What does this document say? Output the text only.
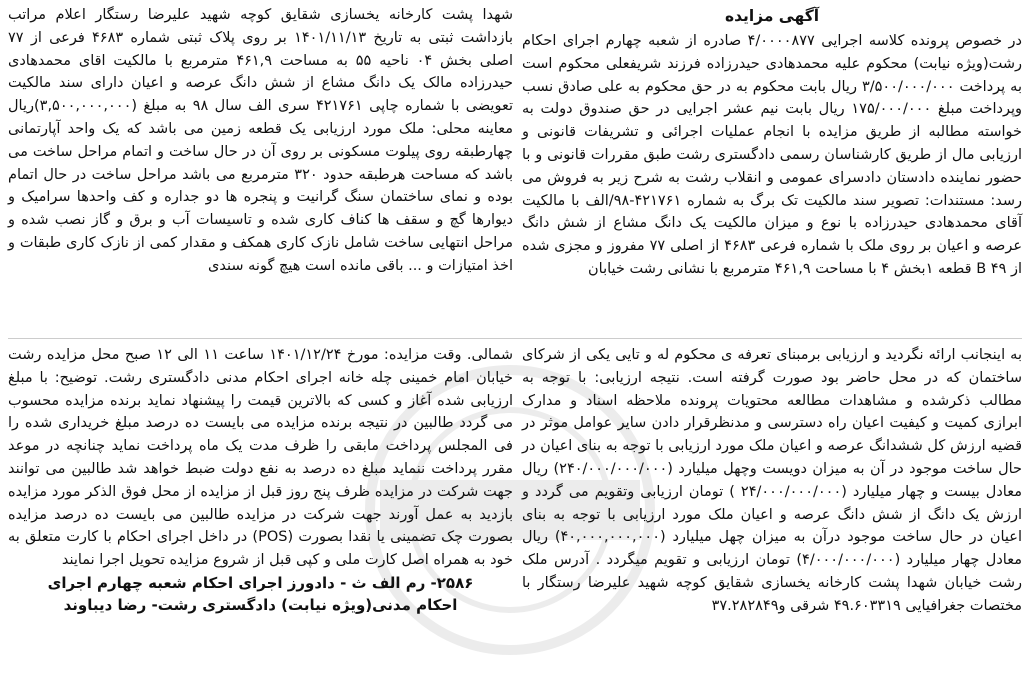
آگهی مزایده

در خصوص پرونده کلاسه اجرایی ۴/۰۰۰۰۸۷۷ صادره از شعبه چهارم اجرای احکام رشت(ویژه نیابت) محکوم علیه محمدهادی حیدرزاده فرزند شریفعلی محکوم است به پرداخت ۳/۵۰۰/۰۰۰/۰۰۰ ریال بابت محکوم به در حق محکوم به علی صادق نسب وپرداخت مبلغ ۱۷۵/۰۰۰/۰۰۰ ریال بابت نیم عشر اجرایی در حق صندوق دولت به خواسته مطالبه از طریق مزایده با انجام عملیات اجرائی و تشریفات قانونی و ارزیابی مال از طریق کارشناسان رسمی دادگستری رشت طبق مقررات قانونی و با حضور نماینده دادستان دادسرای عمومی و انقلاب رشت به شرح زیر به فروش می رسد: مستندات: تصویر سند مالکیت تک برگ به شماره ۴۲۱۷۶۱-۹۸/الف با مالکیت آقای محمدهادی حیدرزاده با نوع و میزان مالکیت یک دانگ مشاع از شش دانگ عرصه و اعیان بر روی ملک با شماره فرعی ۴۶۸۳ از اصلی ۷۷ مفروز و مجزی شده از ۴۹ B قطعه ۱بخش ۴ با مساحت ۴۶۱,۹ مترمربع با نشانی رشت خیابان

شهدا پشت کارخانه یخسازی شقایق کوچه شهید علیرضا رستگار اعلام مراتب بازداشت ثبتی به تاریخ ۱۴۰۱/۱۱/۱۳ بر روی پلاک ثبتی شماره ۴۶۸۳ فرعی از ۷۷ اصلی بخش ۰۴ ناحیه ۵۵ به مساحت ۴۶۱,۹ مترمربع با مالکیت اقای محمدهادی حیدرزاده مالک یک دانگ مشاع از شش دانگ عرصه و اعیان دارای سند مالکیت تعویضی با شماره چاپی ۴۲۱۷۶۱ سری الف سال ۹۸ به مبلغ (۳,۵۰۰,۰۰۰,۰۰۰)ریال معاینه محلی: ملک مورد ارزیابی یک قطعه زمین می باشد که یک واحد آپارتمانی چهارطبقه روی پیلوت مسکونی بر روی آن در حال ساخت و اتمام مراحل ساخت می باشد که مساحت هرطبقه حدود ۳۲۰ مترمربع می باشد مراحل ساخت در حال اتمام بوده و نمای ساختمان سنگ گرانیت و پنجره ها دو جداره و کف واحدها سرامیک و دیوارها گچ و سقف ها کناف کاری شده و تاسیسات آب و برق و گاز نصب شده و مراحل انتهایی ساخت شامل نازک کاری همکف و مقدار کمی از نازک کاری طبقات و اخذ امتیازات و ... باقی مانده است هیچ گونه سندی

به اینجانب ارائه نگردید و ارزیابی برمبنای تعرفه ی محکوم له و تایی یکی از شرکای ساختمان که در محل حاضر بود صورت گرفته است. نتیجه ارزیابی: با توجه به مطالب ذکرشده و مشاهدات مطالعه محتویات پرونده ملاحظه اسناد و مدارک ابرازی کمیت و کیفیت اعیان راه دسترسی و مدنظرقرار دادن سایر عوامل موثر در قضیه ارزش کل ششدانگ عرصه و اعیان ملک مورد ارزیابی با توجه به بنای اعیان در حال ساخت موجود در آن به میزان دویست وچهل میلیارد (۲۴۰/۰۰۰/۰۰۰/۰۰۰) ریال معادل بیست و چهار میلیارد (۲۴/۰۰۰/۰۰۰/۰۰۰ ) تومان ارزیابی وتقویم می گردد و ارزش یک دانگ از شش دانگ عرصه و اعیان ملک مورد ارزیابی با توجه به بنای اعیان در حال ساخت موجود درآن به میزان چهل میلیارد (۴۰,۰۰۰,۰۰۰,۰۰۰) ریال معادل چهار میلیارد (۴/۰۰۰/۰۰۰/۰۰۰) تومان ارزیابی و تقویم میگردد . آدرس ملک رشت خیابان شهدا پشت کارخانه یخسازی شقایق کوچه شهید علیرضا رستگار با مختصات جغرافیایی ۴۹.۶۰۳۳۱۹ شرقی و۳۷.۲۸۲۸۴۹

شمالی. وقت مزایده: مورخ ۱۴۰۱/۱۲/۲۴ ساعت ۱۱ الی ۱۲ صبح محل مزایده رشت خیابان امام خمینی چله خانه اجرای احکام مدنی دادگستری رشت. توضیح: با مبلغ ارزیابی شده آغاز و کسی که بالاترین قیمت را پیشنهاد نماید برنده مزایده محسوب می گردد طالبین در نتیجه برنده مزایده می بایست ده درصد مبلغ خریداری شده را فی المجلس پرداخت مابقی را ظرف مدت یک ماه پرداخت نماید چنانچه در موعد مقرر پرداخت ننماید مبلغ ده درصد به نفع دولت ضبط خواهد شد طالبین می توانند جهت شرکت در مزایده ظرف پنج روز قبل از مزایده از محل فوق الذکر مورد مزایده بازدید به عمل آورند جهت شرکت در مزایده طالبین می بایست ده درصد مزایده بصورت چک تضمینی یا نقدا بصورت (POS) در داخل اجرای احکام با کارت متعلق به خود به همراه اصل کارت ملی و کپی قبل از شروع مزایده تحویل اجرا نمایند

۲۵۸۶- رم الف ث - دادورز اجرای احکام شعبه چهارم اجرای
احکام مدنی(ویژه نیابت) دادگستری رشت- رضا دیباوند
